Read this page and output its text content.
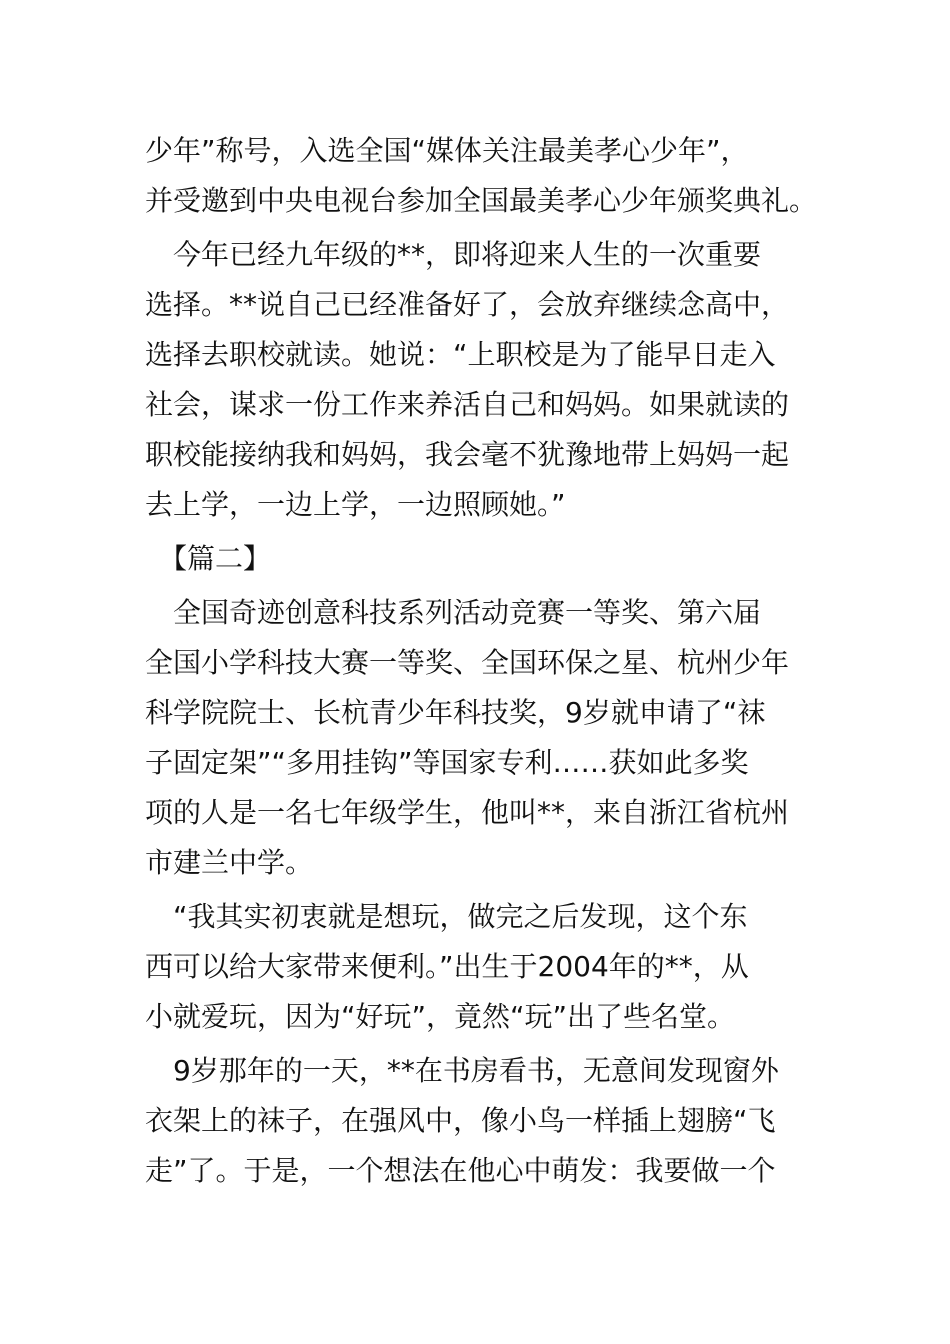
少年”称号，入选全国“媒体关注最美孝心少年”，
并受邀到中央电视台参加全国最美孝心少年颁奖典礼。
　今年已经九年级的**，即将迎来人生的一次重要
选择。**说自己已经准备好了，会放弃继续念高中，
选择去职校就读。她说：“上职校是为了能早日走入
社会，谋求一份工作来养活自己和妈妈。如果就读的
职校能接纳我和妈妈，我会毫不犹豫地带上妈妈一起
去上学，一边上学，一边照顾她。”
　【篇二】
　全国奇迹创意科技系列活动竞赛一等奖、第六届
全国小学科技大赛一等奖、全国环保之星、杭州少年
科学院院士、长杭青少年科技奖，9岁就申请了“袜
子固定架”“多用挂钩”等国家专利……获如此多奖
项的人是一名七年级学生，他叫**，来自浙江省杭州
市建兰中学。
　“我其实初衷就是想玩，做完之后发现，这个东
西可以给大家带来便利。”出生于2004年的**，从
小就爱玩，因为“好玩”，竟然“玩”出了些名堂。
　9岁那年的一天，**在书房看书，无意间发现窗外
衣架上的袜子，在强风中，像小鸟一样插上翅膀“飞
走”了。于是，一个想法在他心中萌发：我要做一个
